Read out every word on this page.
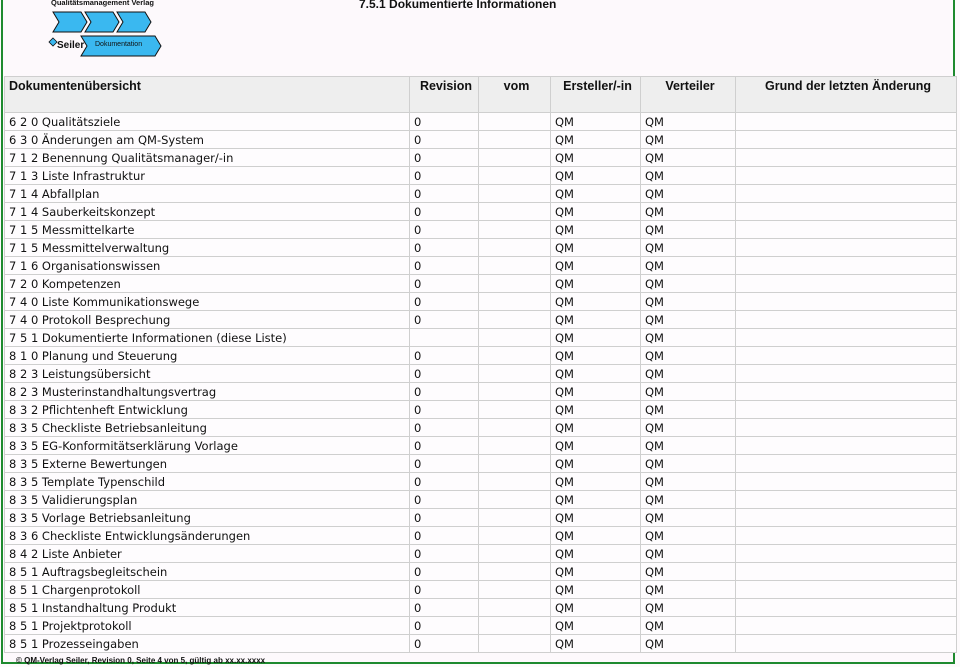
Qualitätsmanagement Verlag
Seiler Dokumentation
7.5.1 Dokumentierte Informationen
Dokumentenübersicht	Revision	vom	Ersteller/-in	Verteiler	Grund der letzten Änderung
6 2 0 Qualitätsziele	0		QM	QM	
6 3 0 Änderungen am QM-System	0		QM	QM	
7 1 2 Benennung Qualitätsmanager/-in	0		QM	QM	
7 1 3 Liste Infrastruktur	0		QM	QM	
7 1 4 Abfallplan	0		QM	QM	
7 1 4 Sauberkeitskonzept	0		QM	QM	
7 1 5 Messmittelkarte	0		QM	QM	
7 1 5 Messmittelverwaltung	0		QM	QM	
7 1 6 Organisationswissen	0		QM	QM	
7 2 0 Kompetenzen	0		QM	QM	
7 4 0 Liste Kommunikationswege	0		QM	QM	
7 4 0 Protokoll Besprechung	0		QM	QM	
7 5 1 Dokumentierte Informationen (diese Liste)			QM	QM	
8 1 0 Planung und Steuerung	0		QM	QM	
8 2 3 Leistungsübersicht	0		QM	QM	
8 2 3 Musterinstandhaltungsvertrag	0		QM	QM	
8 3 2 Pflichtenheft Entwicklung	0		QM	QM	
8 3 5 Checkliste Betriebsanleitung	0		QM	QM	
8 3 5 EG-Konformitätserklärung Vorlage	0		QM	QM	
8 3 5 Externe Bewertungen	0		QM	QM	
8 3 5 Template Typenschild	0		QM	QM	
8 3 5 Validierungsplan	0		QM	QM	
8 3 5 Vorlage Betriebsanleitung	0		QM	QM	
8 3 6 Checkliste Entwicklungsänderungen	0		QM	QM	
8 4 2 Liste Anbieter	0		QM	QM	
8 5 1 Auftragsbegleitschein	0		QM	QM	
8 5 1 Chargenprotokoll	0		QM	QM	
8 5 1 Instandhaltung Produkt	0		QM	QM	
8 5 1 Projektprotokoll	0		QM	QM	
8 5 1 Prozesseingaben	0		QM	QM	
© QM-Verlag Seiler, Revision 0, Seite 4 von 5, gültig ab xx.xx.xxxx
